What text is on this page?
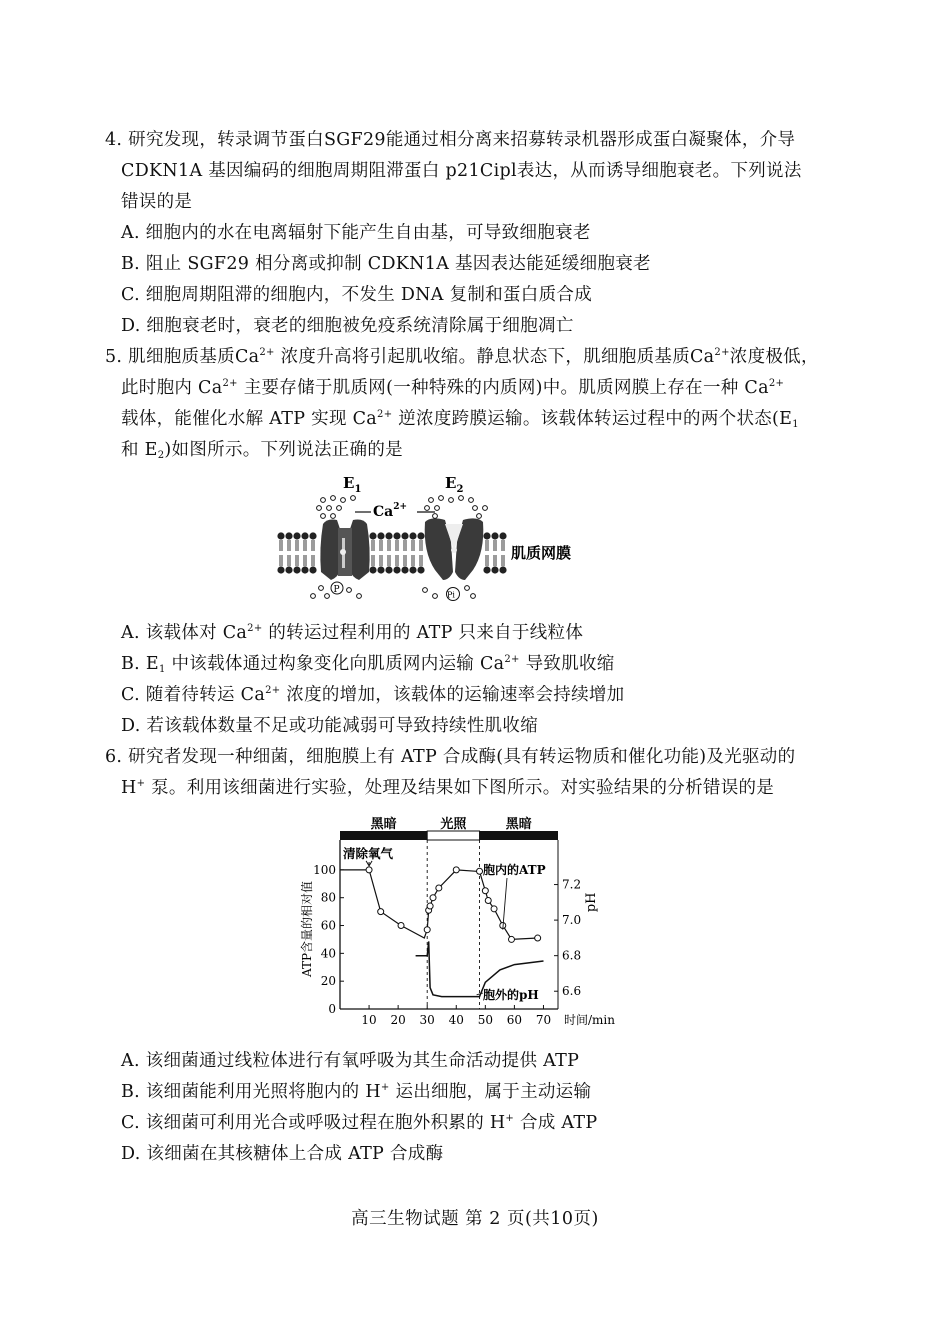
4. 研究发现，转录调节蛋白SGF29能通过相分离来招募转录机器形成蛋白凝聚体，介导
CDKN1A 基因编码的细胞周期阻滞蛋白 p21Cipl表达，从而诱导细胞衰老。下列说法
错误的是
A. 细胞内的水在电离辐射下能产生自由基，可导致细胞衰老
B. 阻止 SGF29 相分离或抑制 CDKN1A 基因表达能延缓细胞衰老
C. 细胞周期阻滞的细胞内，不发生 DNA 复制和蛋白质合成
D. 细胞衰老时，衰老的细胞被免疫系统清除属于细胞凋亡
5. 肌细胞质基质$Ca^{2+}$ 浓度升高将引起肌收缩。静息状态下，肌细胞质基质$Ca^{2+}$浓度极低，
此时胞内 $Ca^{2+}$ 主要存储于肌质网(一种特殊的内质网)中。肌质网膜上存在一种 $Ca^{2+}$
载体，能催化水解 ATP 实现 $Ca^{2+}$ 逆浓度跨膜运输。该载体转运过程中的两个状态($E_1$
和 $E_2$)如图所示。下列说法正确的是
$E_1$	$E_2$
$Ca^{2+}$
P	Pi
肌质网膜
A. 该载体对 $Ca^{2+}$ 的转运过程利用的 ATP 只来自于线粒体
B. $E_1$ 中该载体通过构象变化向肌质网内运输 $Ca^{2+}$ 导致肌收缩
C. 随着待转运 $Ca^{2+}$ 浓度的增加，该载体的运输速率会持续增加
D. 若该载体数量不足或功能减弱可导致持续性肌收缩
6. 研究者发现一种细菌，细胞膜上有 ATP 合成酶(具有转运物质和催化功能)及光驱动的
H+ 泵。利用该细菌进行实验，处理及结果如下图所示。对实验结果的分析错误的是
黑暗	光照	黑暗
10 20 30 40 50 60 70
0
20
40
60
80
100
6.6
6.8
7.0
7.2
时间/min
ATP含量的相对值	pH
清除氧气
胞内的ATP
胞外的pH
A. 该细菌通过线粒体进行有氧呼吸为其生命活动提供 ATP
B. 该细菌能利用光照将胞内的 H+ 运出细胞，属于主动运输
C. 该细菌可利用光合或呼吸过程在胞外积累的 H+ 合成 ATP
D. 该细菌在其核糖体上合成 ATP 合成酶
高三生物试题 第 2 页(共10页)
